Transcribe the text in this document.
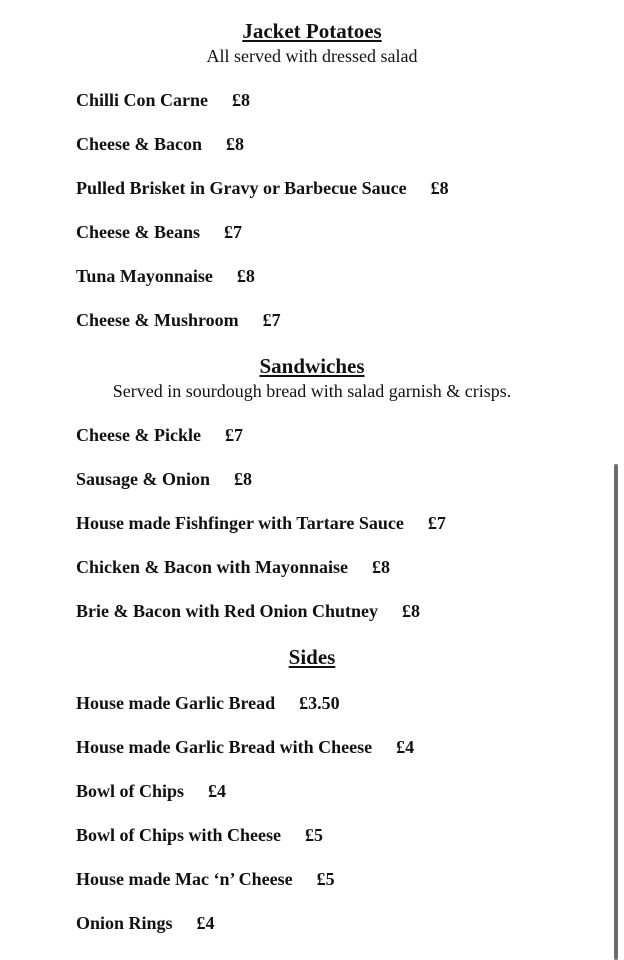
Jacket Potatoes
All served with dressed salad
Chilli Con Carne £8
Cheese & Bacon £8
Pulled Brisket in Gravy or Barbecue Sauce £8
Cheese & Beans £7
Tuna Mayonnaise £8
Cheese & Mushroom £7
Sandwiches
Served in sourdough bread with salad garnish & crisps.
Cheese & Pickle £7
Sausage & Onion £8
House made Fishfinger with Tartare Sauce £7
Chicken & Bacon with Mayonnaise £8
Brie & Bacon with Red Onion Chutney £8
Sides
House made Garlic Bread £3.50
House made Garlic Bread with Cheese £4
Bowl of Chips £4
Bowl of Chips with Cheese £5
House made Mac ‘n’ Cheese £5
Onion Rings £4
